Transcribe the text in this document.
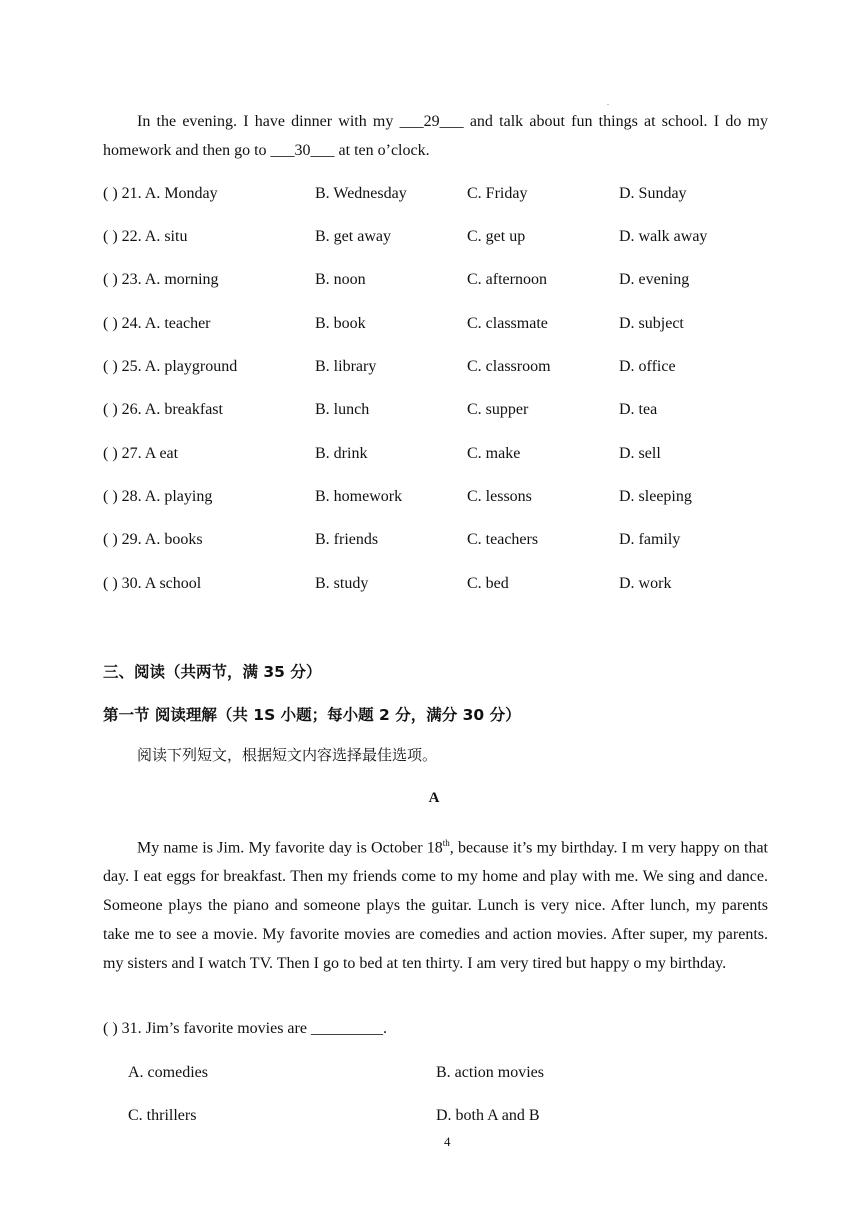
.

In the evening. I have dinner with my ___29___ and talk about fun things at school. I do my homework and then go to ___30___ at ten o’clock.

( ) 21. A. Monday	B. Wednesday	C. Friday	D. Sunday
( ) 22. A. situ	B. get away	C. get up	D. walk away
( ) 23. A. morning	B. noon	C. afternoon	D. evening
( ) 24. A. teacher	B. book	C. classmate	D. subject
( ) 25. A. playground	B. library	C. classroom	D. office
( ) 26. A. breakfast	B. lunch	C. supper	D. tea
( ) 27. A eat	B. drink	C. make	D. sell
( ) 28. A. playing	B. homework	C. lessons	D. sleeping
( ) 29. A. books	B. friends	C. teachers	D. family
( ) 30. A school	B. study	C. bed	D. work
三、阅读（共两节，满 35 分）
第一节 阅读理解（共 1S 小题；每小题 2 分，满分 30 分）
阅读下列短文，根据短文内容选择最佳选项。
A

My name is Jim. My favorite day is October 18th, because it’s my birthday. I m very happy on that day. I eat eggs for breakfast. Then my friends come to my home and play with me. We sing and dance. Someone plays the piano and someone plays the guitar. Lunch is very nice. After lunch, my parents take me to see a movie. My favorite movies are comedies and action movies. After super, my parents. my sisters and I watch TV. Then I go to bed at ten thirty. I am very tired but happy o my birthday.

( ) 31. Jim’s favorite movies are _________.
A. comedies	B. action movies
C. thrillers	D. both A and B
4
